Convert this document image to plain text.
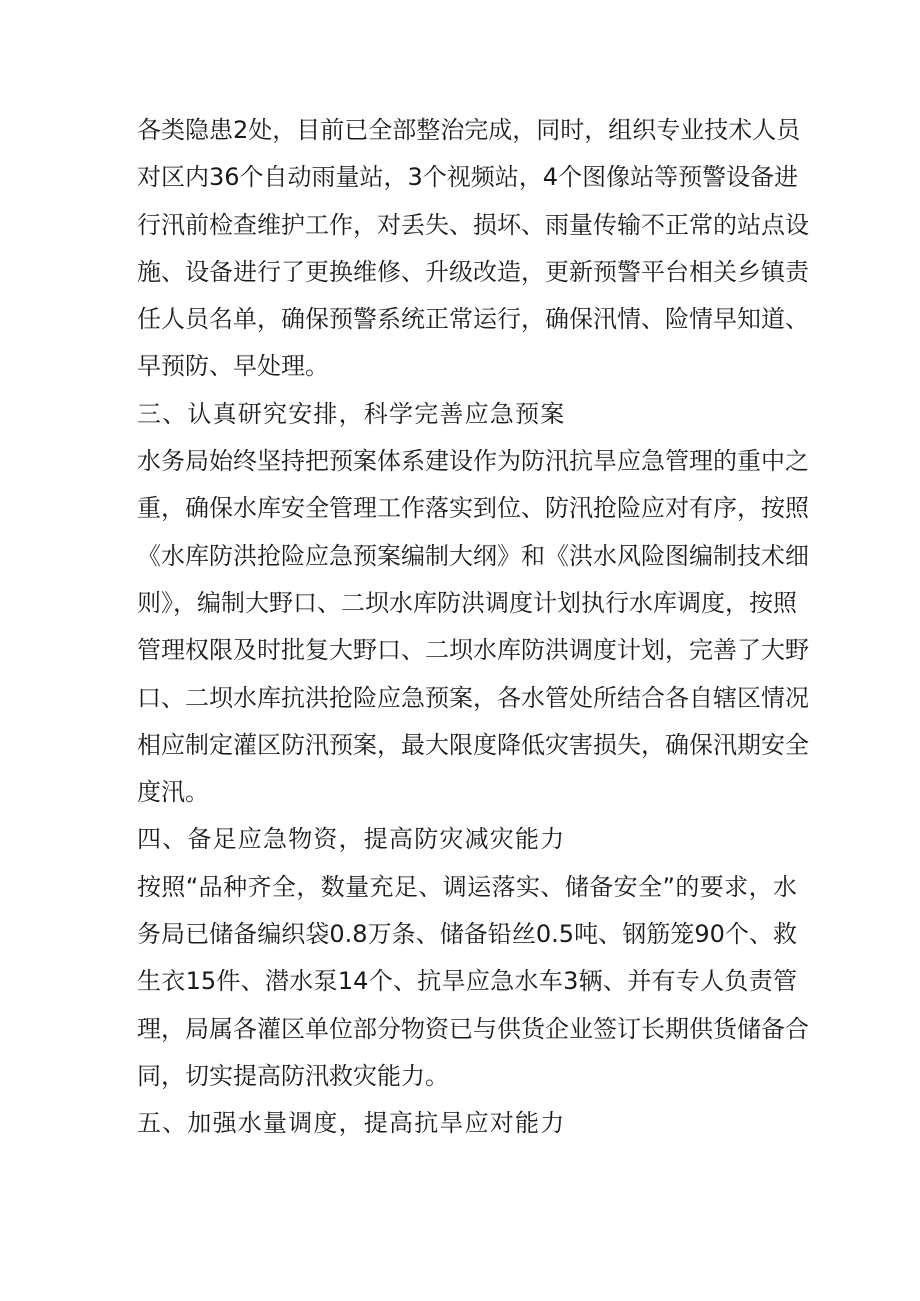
各类隐患2处，目前已全部整治完成，同时，组织专业技术人员
对区内36个自动雨量站，3个视频站，4个图像站等预警设备进
行汛前检查维护工作，对丢失、损坏、雨量传输不正常的站点设
施、设备进行了更换维修、升级改造，更新预警平台相关乡镇责
任人员名单，确保预警系统正常运行，确保汛情、险情早知道、
早预防、早处理。
三、认真研究安排，科学完善应急预案
水务局始终坚持把预案体系建设作为防汛抗旱应急管理的重中之
重，确保水库安全管理工作落实到位、防汛抢险应对有序，按照
《水库防洪抢险应急预案编制大纲》和《洪水风险图编制技术细
则》，编制大野口、二坝水库防洪调度计划执行水库调度，按照
管理权限及时批复大野口、二坝水库防洪调度计划，完善了大野
口、二坝水库抗洪抢险应急预案，各水管处所结合各自辖区情况
相应制定灌区防汛预案，最大限度降低灾害损失，确保汛期安全
度汛。
四、备足应急物资，提高防灾减灾能力
按照“品种齐全，数量充足、调运落实、储备安全”的要求，水
务局已储备编织袋0.8万条、储备铅丝0.5吨、钢筋笼90个、救
生衣15件、潜水泵14个、抗旱应急水车3辆、并有专人负责管
理，局属各灌区单位部分物资已与供货企业签订长期供货储备合
同，切实提高防汛救灾能力。
五、加强水量调度，提高抗旱应对能力
